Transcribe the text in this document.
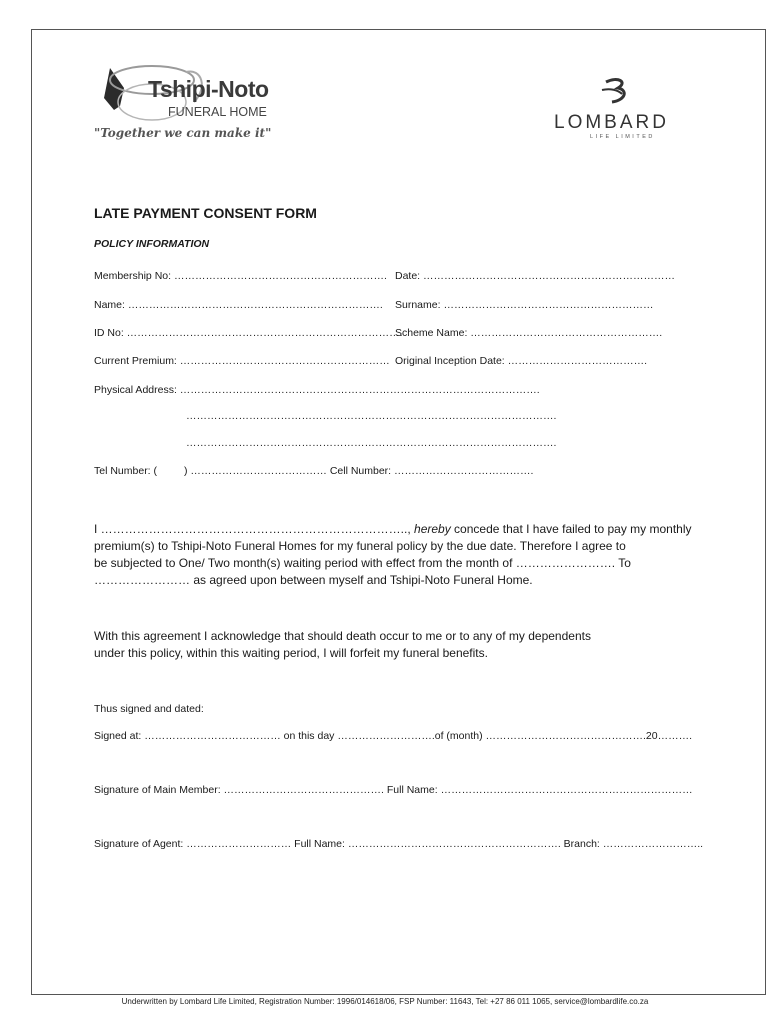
Tshipi-Noto
FUNERAL HOME
"Together we can make it"	LOMBARD
LIFE LIMITED
LATE PAYMENT CONSENT FORM
POLICY INFORMATION
Membership No: ……………………………………………………. Date: ………………………………………………………………
Name: ………………………………………………………………. Surname: ……………………………………………………
ID No: …………………………………………………………………….
Scheme Name: ……………………………………………….
Current Premium: …………………………………………………… Original Inception Date: ………………………………….
Physical Address: ………………………………………………………………………………………….
…………………………………………………………………………………………….
…………………………………………………………………………………………….
Tel Number: (	) ………………………………… Cell Number: ………………………………….
I ………………………………………………………………….., hereby concede that I have failed to pay my monthly
premium(s) to Tshipi-Noto Funeral Homes for my funeral policy by the due date. Therefore I agree to
be subjected to One/ Two month(s) waiting period with effect from the month of ……………………. To
…………………… as agreed upon between myself and Tshipi-Noto Funeral Home.
With this agreement I acknowledge that should death occur to me or to any of my dependents
under this policy, within this waiting period, I will forfeit my funeral benefits.
Thus signed and dated:
Signed at: ………………………………… on this day ……………………….of (month) ……………………………………….20……….
Signature of Main Member: ………………………………………. Full Name: ………………………………………………………………
Signature of Agent: ………………………… Full Name: ……………………………………………………. Branch: ………………………..
Underwritten by Lombard Life Limited, Registration Number: 1996/014618/06, FSP Number: 11643, Tel: +27 86 011 1065, service@lombardlife.co.za
